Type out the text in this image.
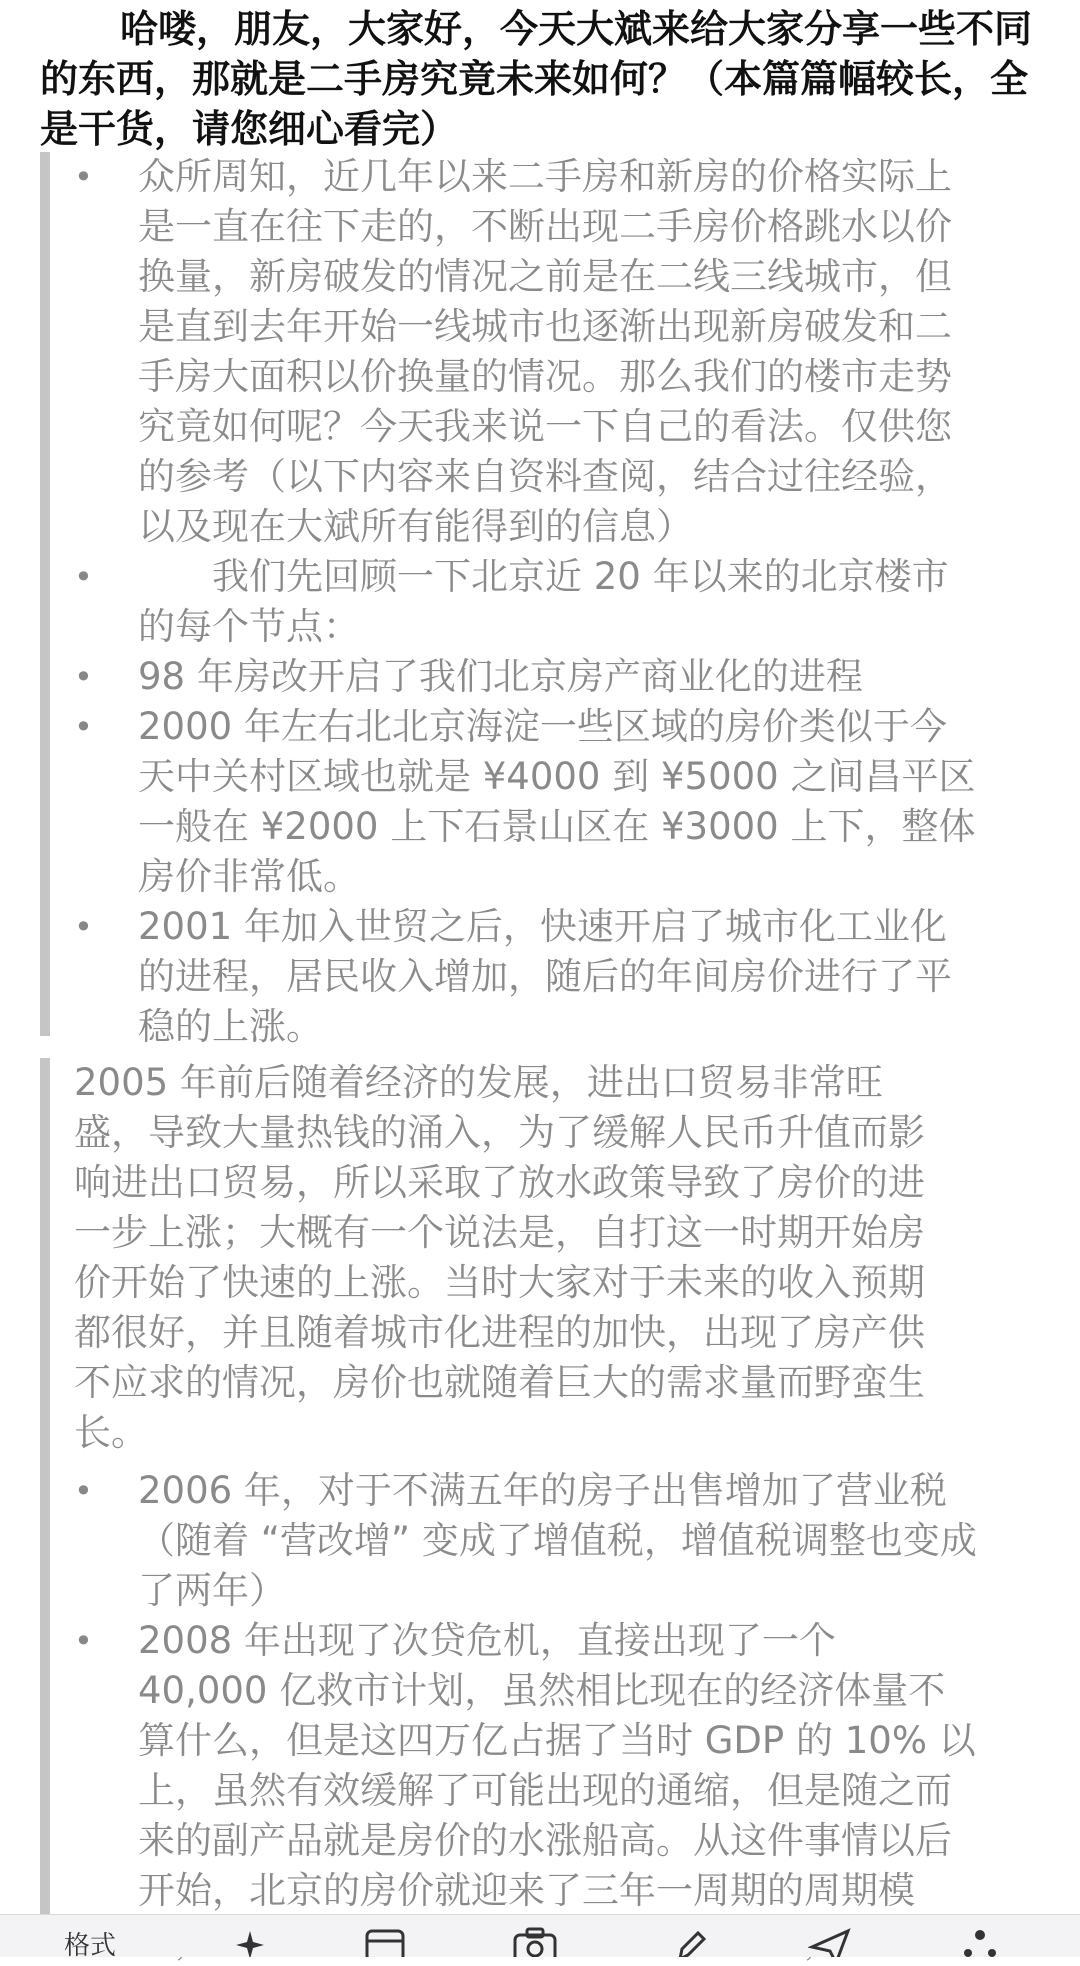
哈喽，朋友，大家好，今天大斌来给大家分享一些不同的东西，那就是二手房究竟未来如何？（本篇篇幅较长，全是干货，请您细心看完）

• 众所周知，近几年以来二手房和新房的价格实际上
是一直在往下走的，不断出现二手房价格跳水以价
换量，新房破发的情况之前是在二线三线城市，但
是直到去年开始一线城市也逐渐出现新房破发和二
手房大面积以价换量的情况。那么我们的楼市走势
究竟如何呢？今天我来说一下自己的看法。仅供您
的参考（以下内容来自资料查阅，结合过往经验，
以及现在大斌所有能得到的信息）
•	　　我们先回顾一下北京近 20 年以来的北京楼市
的每个节点：
• 98 年房改开启了我们北京房产商业化的进程
• 2000 年左右北北京海淀一些区域的房价类似于今
天中关村区域也就是 ¥4000 到 ¥5000 之间昌平区
一般在 ¥2000 上下石景山区在 ¥3000 上下，整体
房价非常低。
• 2001 年加入世贸之后，快速开启了城市化工业化
的进程，居民收入增加，随后的年间房价进行了平
稳的上涨。
2005 年前后随着经济的发展，进出口贸易非常旺
盛，导致大量热钱的涌入，为了缓解人民币升值而影
响进出口贸易，所以采取了放水政策导致了房价的进
一步上涨；大概有一个说法是，自打这一时期开始房
价开始了快速的上涨。当时大家对于未来的收入预期
都很好，并且随着城市化进程的加快，出现了房产供
不应求的情况，房价也就随着巨大的需求量而野蛮生
长。
• 2006 年，对于不满五年的房子出售增加了营业税
（随着 “营改增” 变成了增值税，增值税调整也变成
了两年）
• 2008 年出现了次贷危机，直接出现了一个
40,000 亿救市计划，虽然相比现在的经济体量不
算什么，但是这四万亿占据了当时 GDP 的 10% 以
上，虽然有效缓解了可能出现的通缩，但是随之而
来的副产品就是房价的水涨船高。从这件事情以后
开始，北京的房价就迎来了三年一周期的周期模

格式
